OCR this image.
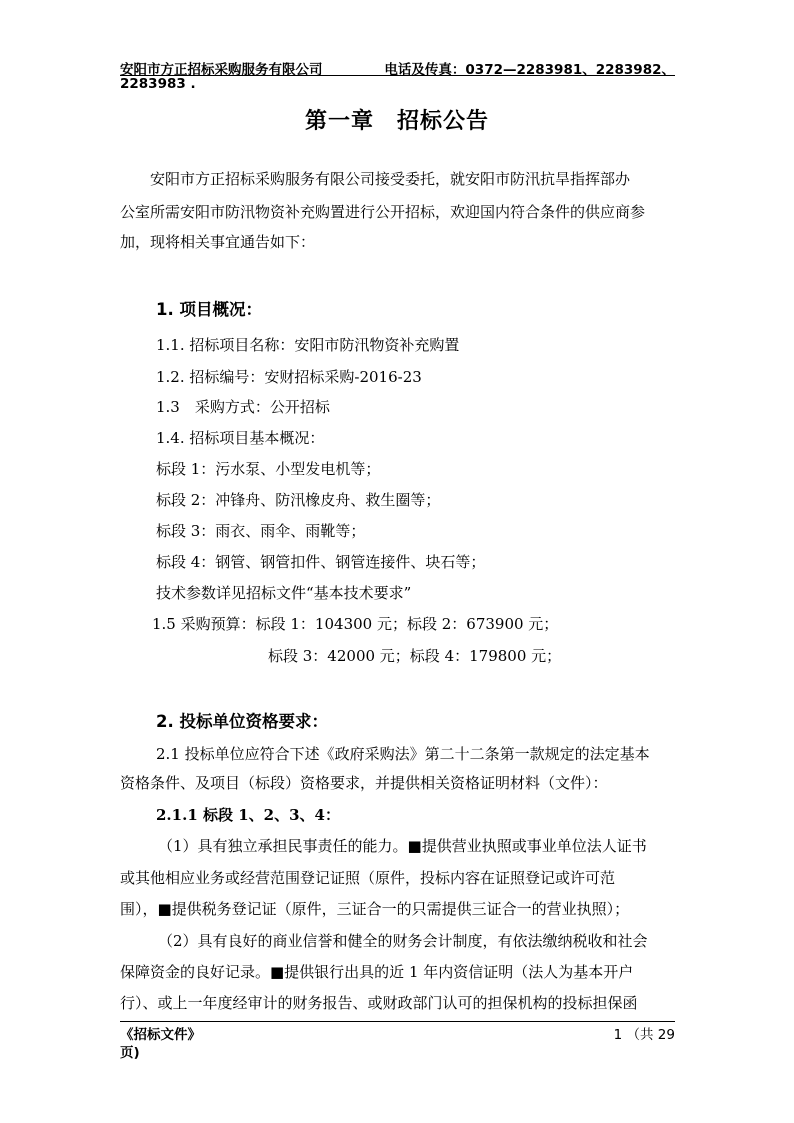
安阳市方正招标采购服务有限公司	电话及传真：0372—2283981、2283982、
2283983 .
第一章　招标公告
安阳市方正招标采购服务有限公司接受委托，就安阳市防汛抗旱指挥部办
公室所需安阳市防汛物资补充购置进行公开招标，欢迎国内符合条件的供应商参
加，现将相关事宜通告如下：
1. 项目概况：
1.1. 招标项目名称：安阳市防汛物资补充购置
1.2. 招标编号：安财招标采购-2016-23
1.3　采购方式：公开招标
1.4. 招标项目基本概况：
标段 1：污水泵、小型发电机等；
标段 2：冲锋舟、防汛橡皮舟、救生圈等；
标段 3：雨衣、雨伞、雨靴等；
标段 4：钢管、钢管扣件、钢管连接件、块石等；
技术参数详见招标文件“基本技术要求”
1.5 采购预算：标段 1：104300 元；标段 2：673900 元；
标段 3：42000 元；标段 4：179800 元；
2. 投标单位资格要求：
2.1 投标单位应符合下述《政府采购法》第二十二条第一款规定的法定基本
资格条件、及项目（标段）资格要求，并提供相关资格证明材料（文件）：
2.1.1 标段 1、2、3、4：
（1）具有独立承担民事责任的能力。■提供营业执照或事业单位法人证书
或其他相应业务或经营范围登记证照（原件，投标内容在证照登记或许可范
围），■提供税务登记证（原件，三证合一的只需提供三证合一的营业执照）；
（2）具有良好的商业信誉和健全的财务会计制度，有依法缴纳税收和社会
保障资金的良好记录。■提供银行出具的近 1 年内资信证明（法人为基本开户
行）、或上一年度经审计的财务报告、或财政部门认可的担保机构的投标担保函
《招标文件》	1 （共 29
页)
